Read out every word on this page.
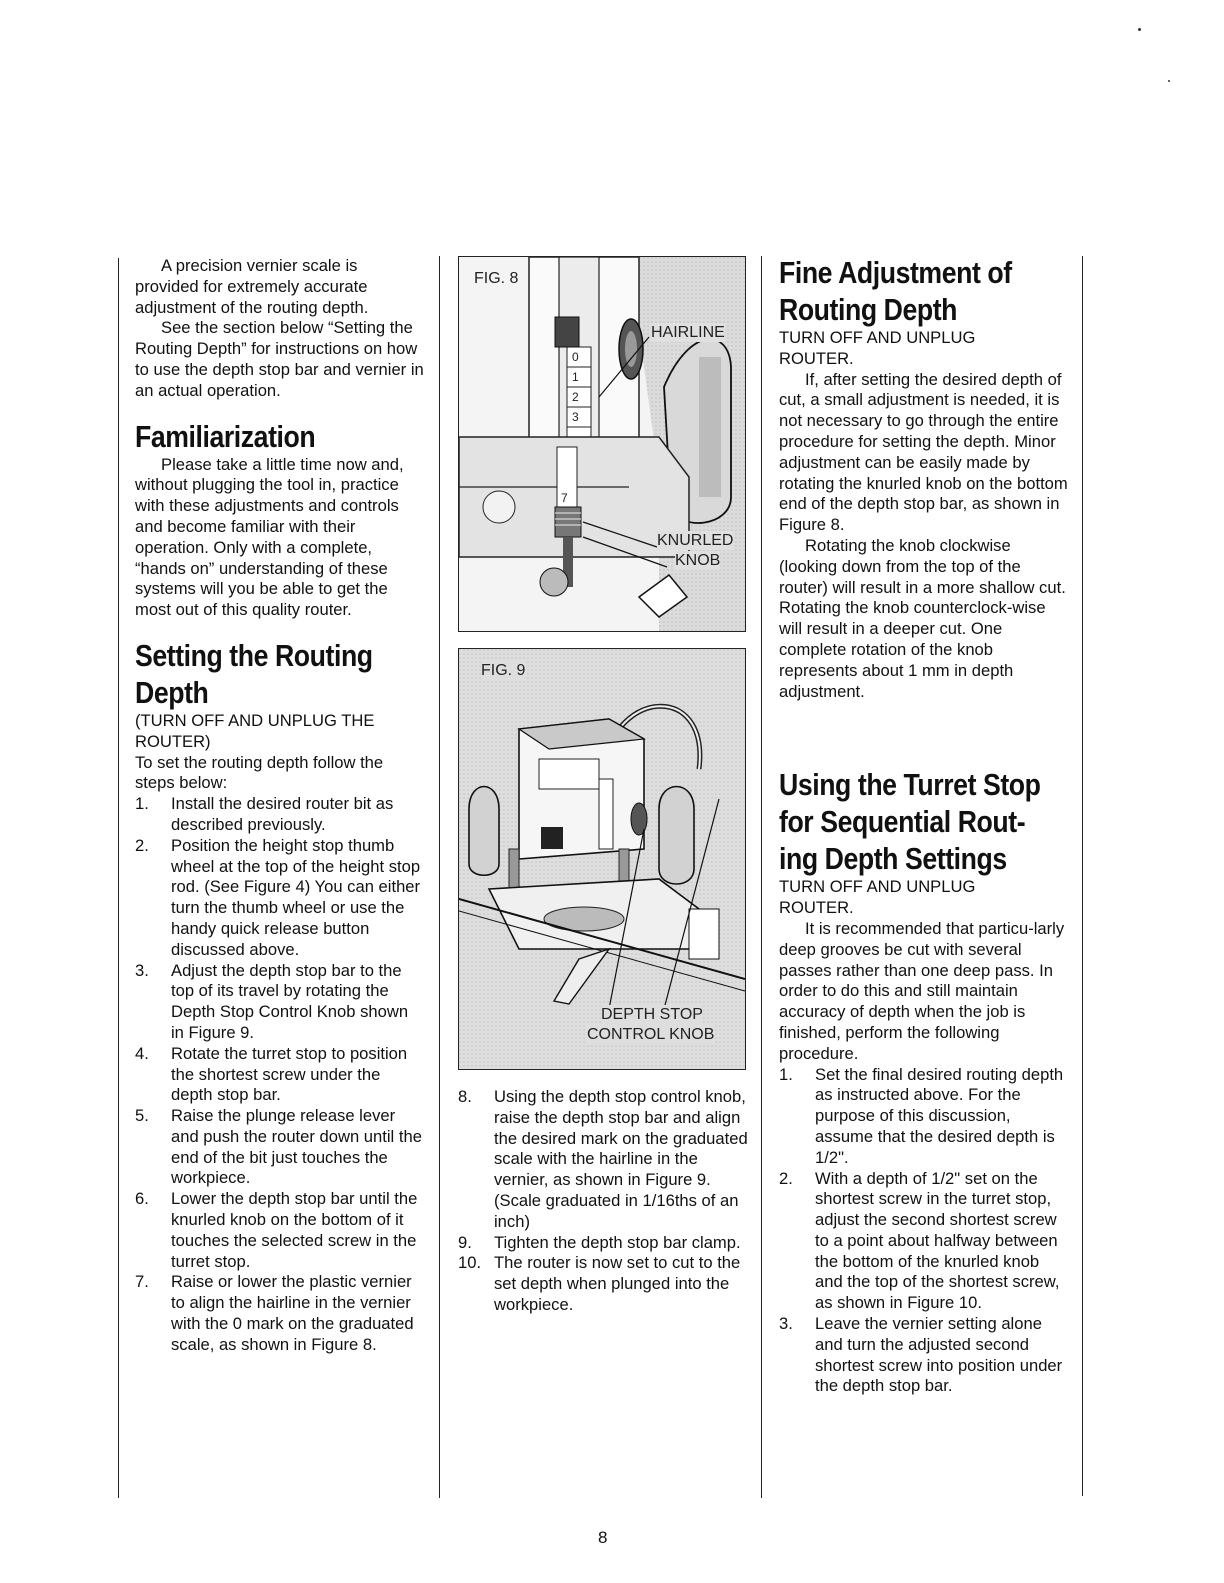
A precision vernier scale is provided for extremely accurate adjustment of the routing depth.

See the section below “Setting the Routing Depth” for instructions on how to use the depth stop bar and vernier in an actual operation.

Familiarization

Please take a little time now and, without plugging the tool in, practice with these adjustments and controls and become familiar with their operation. Only with a complete, “hands on” understanding of these systems will you be able to get the most out of this quality router.

Setting the Routing
Depth

(TURN OFF AND UNPLUG THE ROUTER)

To set the routing depth follow the steps below:

1. Install the desired router bit as described previously.
2. Position the height stop thumb wheel at the top of the height stop rod. (See Figure 4) You can either turn the thumb wheel or use the handy quick release button discussed above.
3. Adjust the depth stop bar to the top of its travel by rotating the Depth Stop Control Knob shown in Figure 9.
4. Rotate the turret stop to position the shortest screw under the depth stop bar.
5. Raise the plunge release lever and push the router down until the end of the bit just touches the workpiece.
6. Lower the depth stop bar until the knurled knob on the bottom of it touches the selected screw in the turret stop.
7. Raise or lower the plastic vernier to align the hairline in the vernier with the 0 mark on the graduated scale, as shown in Figure 8.
FIG. 8
0
1
2
3
7
HAIRLINE
KNURLED
KNOB
FIG. 9
DEPTH STOP
CONTROL KNOB
8. Using the depth stop control knob, raise the depth stop bar and align the desired mark on the graduated scale with the hairline in the vernier, as shown in Figure 9. (Scale graduated in 1/16ths of an inch)
9. Tighten the depth stop bar clamp.
10. The router is now set to cut to the set depth when plunged into the workpiece.
Fine Adjustment of
Routing Depth

TURN OFF AND UNPLUG ROUTER.

If, after setting the desired depth of cut, a small adjustment is needed, it is not necessary to go through the entire procedure for setting the depth. Minor adjustment can be easily made by rotating the knurled knob on the bottom end of the depth stop bar, as shown in Figure 8.

Rotating the knob clockwise (looking down from the top of the router) will result in a more shallow cut. Rotating the knob counterclock-wise will result in a deeper cut. One complete rotation of the knob represents about 1 mm in depth adjustment.

Using the Turret Stop
for Sequential Rout-
ing Depth Settings

TURN OFF AND UNPLUG ROUTER.

It is recommended that particu-larly deep grooves be cut with several passes rather than one deep pass. In order to do this and still maintain accuracy of depth when the job is finished, perform the following procedure.

1. Set the final desired routing depth as instructed above. For the purpose of this discussion, assume that the desired depth is 1/2".
2. With a depth of 1/2" set on the shortest screw in the turret stop, adjust the second shortest screw to a point about halfway between the bottom of the knurled knob and the top of the shortest screw, as shown in Figure 10.
3. Leave the vernier setting alone and turn the adjusted second shortest screw into position under the depth stop bar.
8
